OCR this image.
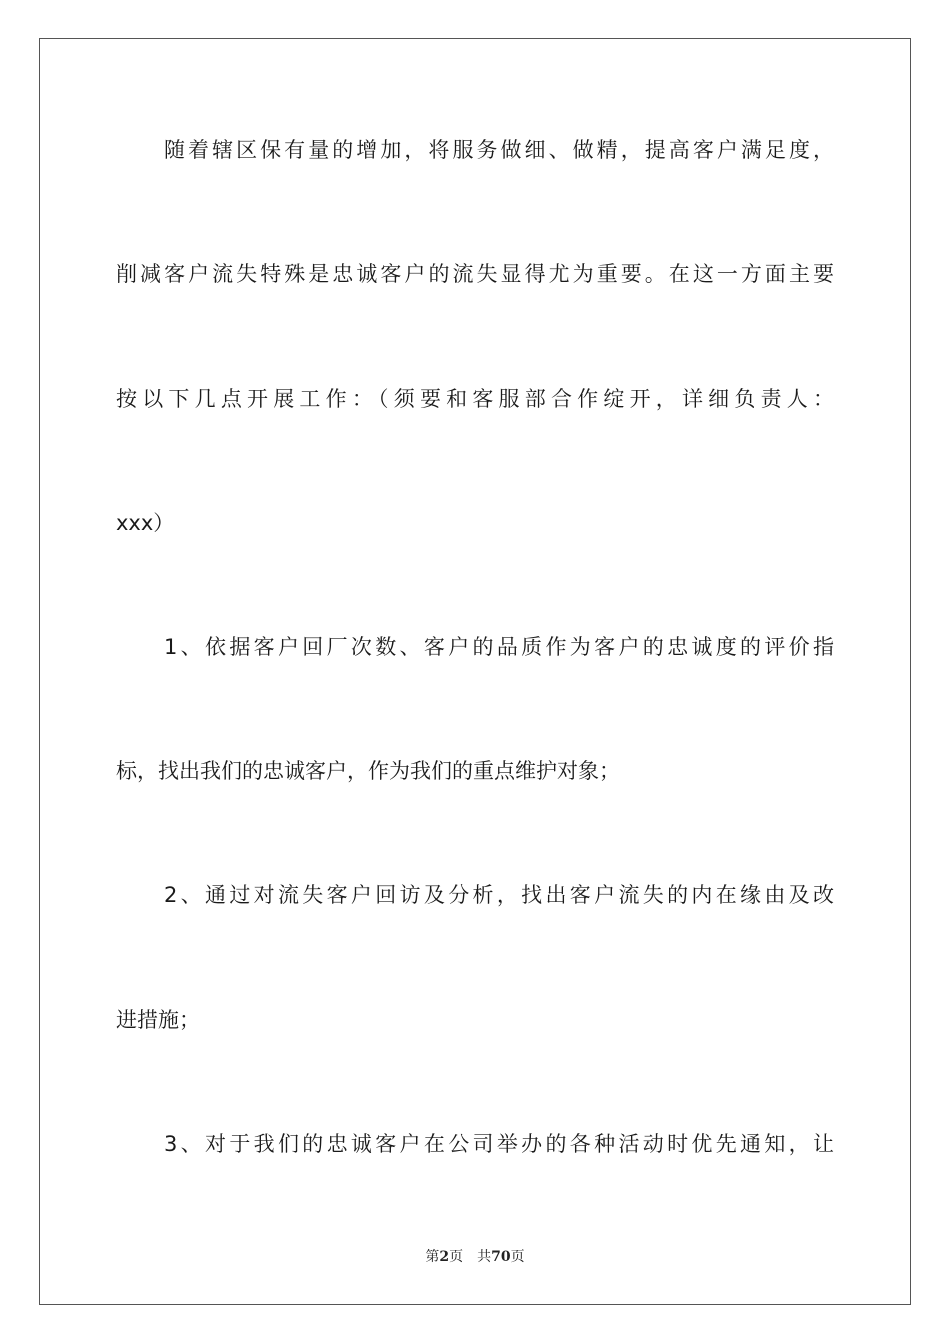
随着辖区保有量的增加，将服务做细、做精，提高客户满足度，
削减客户流失特殊是忠诚客户的流失显得尤为重要。在这一方面主要
按以下几点开展工作：（须要和客服部合作绽开，详细负责人：
xxx）
1、依据客户回厂次数、客户的品质作为客户的忠诚度的评价指
标，找出我们的忠诚客户，作为我们的重点维护对象；
2、通过对流失客户回访及分析，找出客户流失的内在缘由及改
进措施；
3、对于我们的忠诚客户在公司举办的各种活动时优先通知，让
第2页 共70页
